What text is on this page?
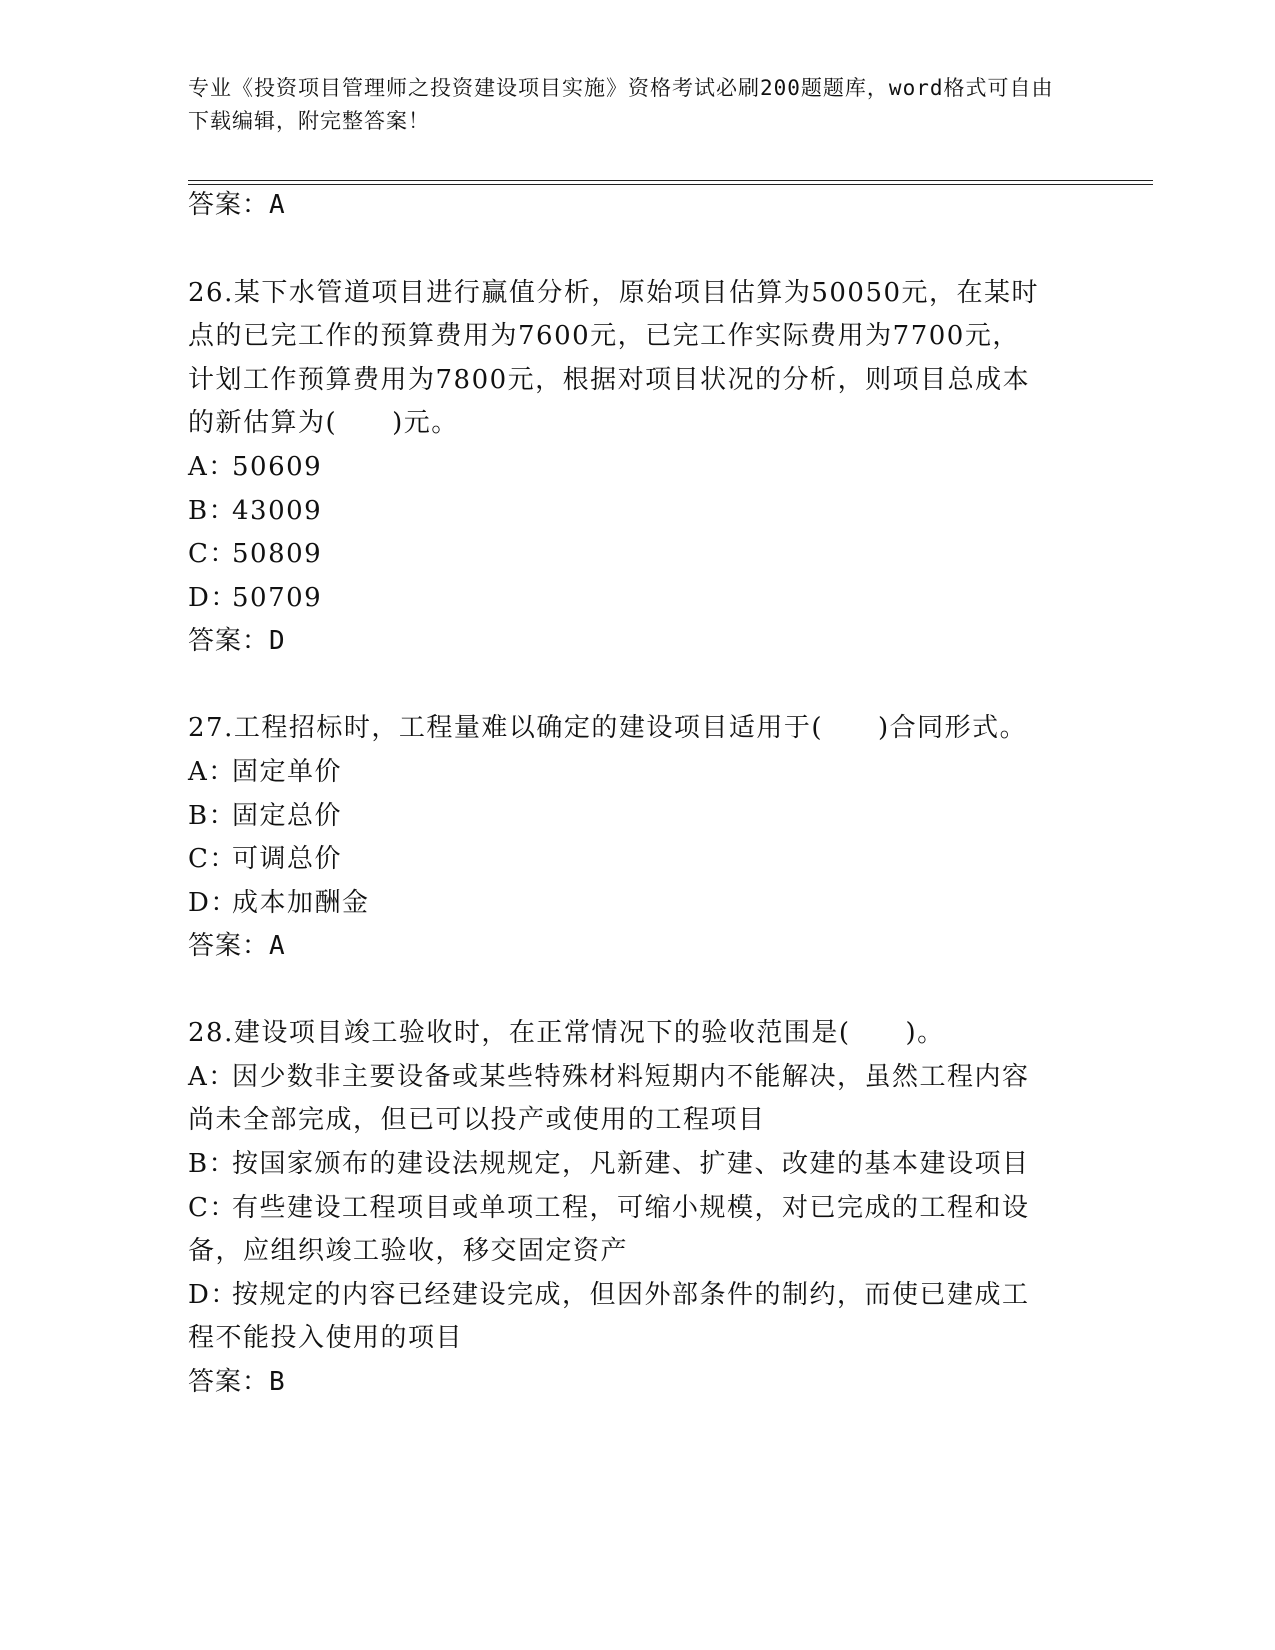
专业《投资项目管理师之投资建设项目实施》资格考试必刷200题题库，word格式可自由下载编辑，附完整答案！
答案：A
26.某下水管道项目进行赢值分析，原始项目估算为50050元，在某时
点的已完工作的预算费用为7600元，已完工作实际费用为7700元，
计划工作预算费用为7800元，根据对项目状况的分析，则项目总成本
的新估算为(　　)元。
A：50609
B：43009
C：50809
D：50709
答案：D
27.工程招标时，工程量难以确定的建设项目适用于(　　)合同形式。
A：固定单价
B：固定总价
C：可调总价
D：成本加酬金
答案：A
28.建设项目竣工验收时，在正常情况下的验收范围是(　　)。
A：因少数非主要设备或某些特殊材料短期内不能解决，虽然工程内容
尚未全部完成，但已可以投产或使用的工程项目
B：按国家颁布的建设法规规定，凡新建、扩建、改建的基本建设项目
C：有些建设工程项目或单项工程，可缩小规模，对已完成的工程和设
备，应组织竣工验收，移交固定资产
D：按规定的内容已经建设完成，但因外部条件的制约，而使已建成工
程不能投入使用的项目
答案：B
